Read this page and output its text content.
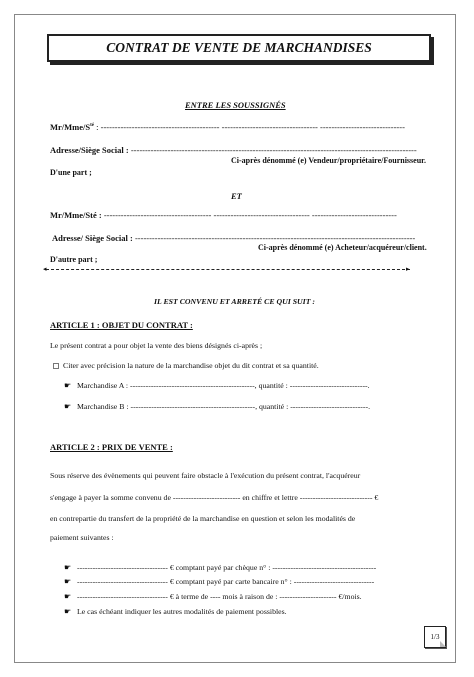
CONTRAT DE VENTE DE MARCHANDISES
ENTRE LES SOUSSIGNÉS
$Mr/Mme/S^{té}$ : ------------------------------------------ ---------------------------------- ------------------------------
Adresse/Siège Social : -----------------------------------------------------------------------------------------------------
Ci-après dénommé (e) Vendeur/propriétaire/Fournisseur.
D'une part ;
ET
Mr/Mme/Sté : -------------------------------------- ---------------------------------- ------------------------------
Adresse/ Siège Social : ---------------------------------------------------------------------------------------------------
Ci-après dénommé (e) Acheteur/acquéreur/client.
D'autre part ;
◂	▸
IL EST CONVENU ET ARRETÉ CE QUI SUIT :
ARTICLE 1 : OBJET DU CONTRAT :
Le présent contrat a pour objet la vente des biens désignés ci-après ;
Citer avec précision la nature de la marchandise objet du dit contrat et sa quantité.
☛ Marchandise A : ------------------------------------------------, quantité : ------------------------------.
☛ Marchandise B : ------------------------------------------------, quantité : ------------------------------.
ARTICLE 2 : PRIX DE VENTE :
Sous réserve des évènements qui peuvent faire obstacle à l'exécution du présent contrat, l'acquéreur
s'engage à payer la somme convenu de -------------------------- en chiffre et lettre ---------------------------- €
en contrepartie du transfert de la propriété de la marchandise en question et selon les modalités de
paiement suivantes :
☛ ----------------------------------- € comptant payé par chèque n° : ----------------------------------------
☛ ----------------------------------- € comptant payé par carte bancaire n° : -------------------------------
☛ ----------------------------------- € à terme de ---- mois à raison de : ---------------------- €/mois.
☛ Le cas échéant indiquer les autres modalités de paiement possibles.
1/3
